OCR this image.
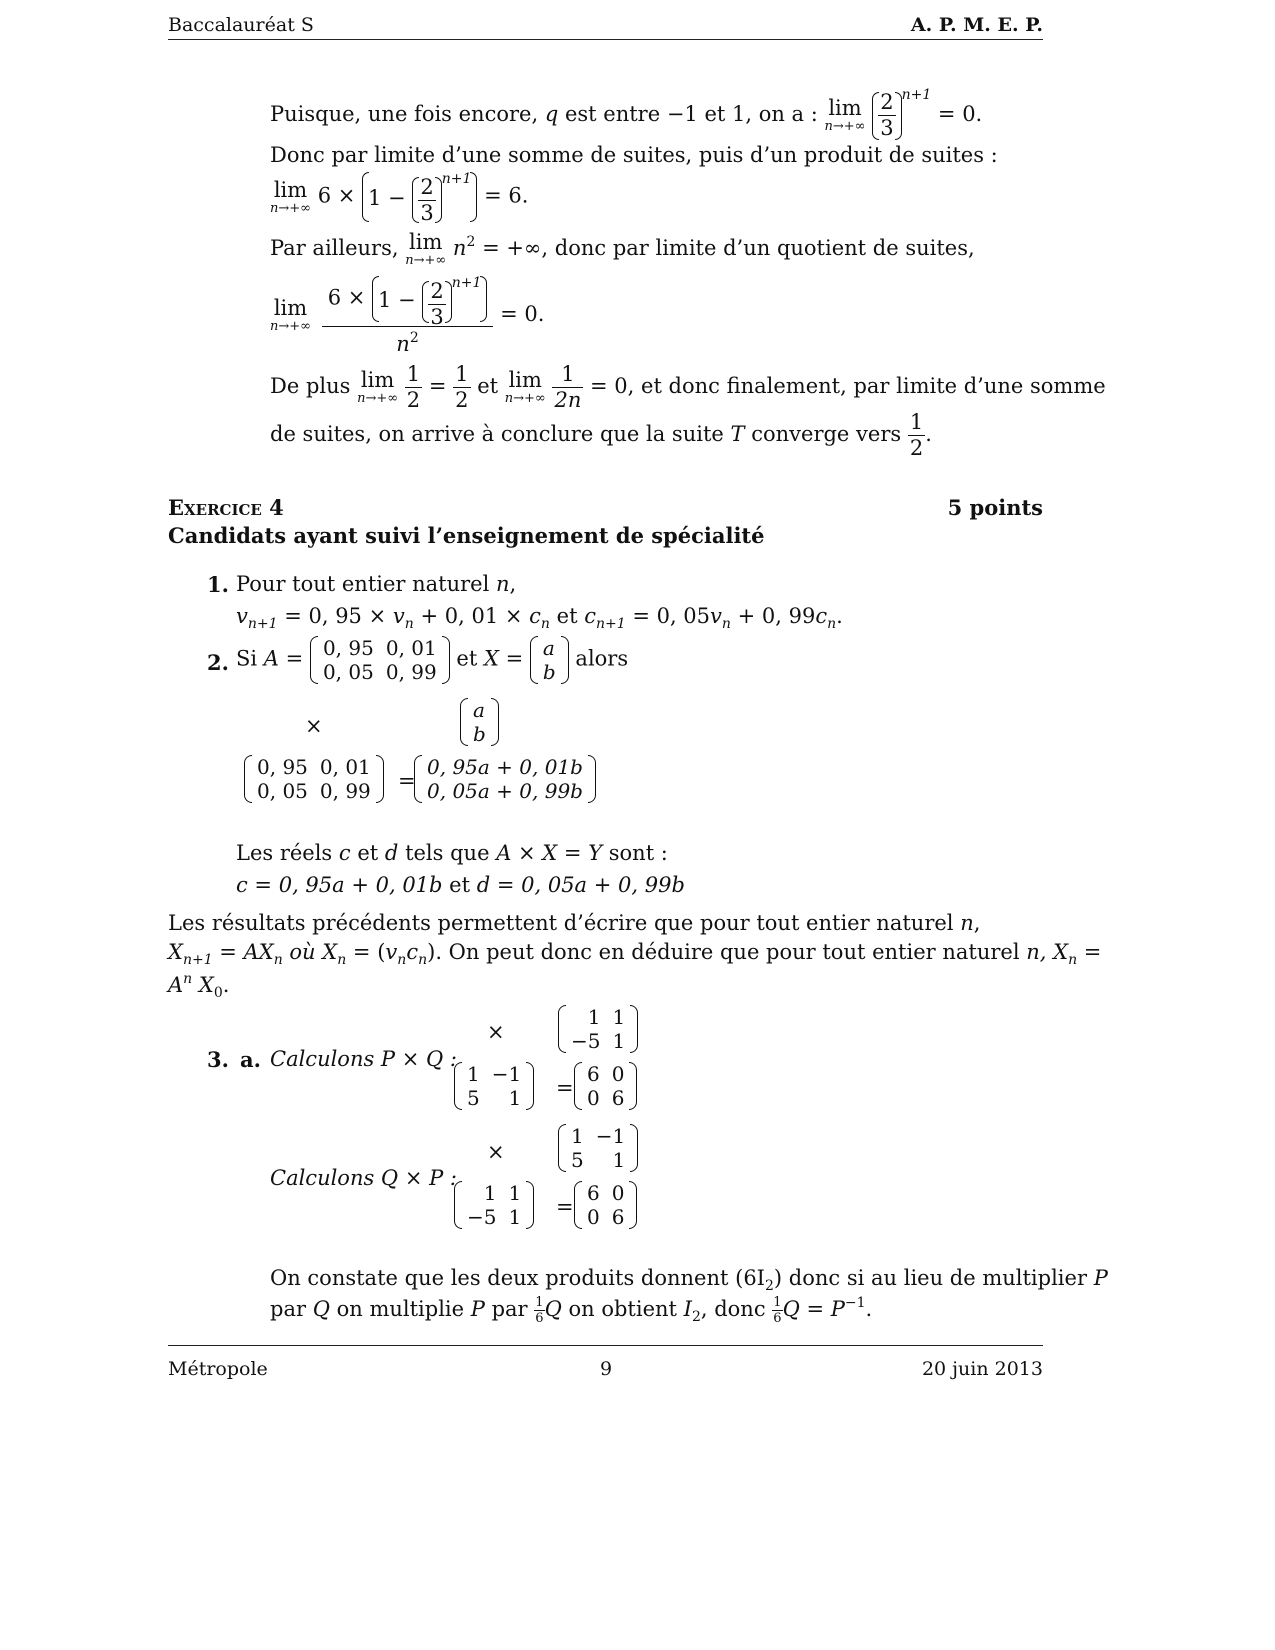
Baccalauréat S	A. P. M. E. P.
Puisque, une fois encore, q est entre −1 et 1, on a : lim
n→+∞
$\frac{2}{3} ^{n+1} = 0$.
Donc par limite d’une somme de suites, puis d’un produit de suites :
lim
n→+∞
$6 \times 1 - \frac{2}{3} ^{n+1} = 6$.
Par ailleurs, lim
n→+∞
$n^2$ = +∞, donc par limite d’un quotient de suites,
lim
n→+∞
$\frac{6 \times 1 - \frac{2}{3} ^{n+1}}{n^2} = 0$.
De plus lim
n→+∞
$\frac{1}{2} = \frac{1}{2}$ et lim
n→+∞
$\frac{1}{2n} = 0$, et donc finalement, par limite d’une somme
de suites, on arrive à conclure que la suite T converge vers $\frac{1}{2}$ .
Exercice 4	5 points
Candidats ayant suivi l’enseignement de spécialité
1. Pour tout entier naturel n,
$v_{n+1} = 0$, $95 \times v_n + 0$, $01 \times c_n$ et $c_{n+1} = 0$, $05v_n + 0$, $99c_n$.
2. Si A = 0, 95	0, 01
0, 05	0, 99
et X = a
b
alors
×
a
b
0, 95	0, 01
0, 05	0, 99 =
0, 95a + 0, 01b
0, 05a + 0, 99b
Les réels c et d tels que A × X = Y sont :
c = 0, 95a + 0, 01b et d = 0, 05a + 0, 99b
Les résultats précédents permettent d’écrire que pour tout entier naturel n,
$X_{n+1} = AX_n$ où $X_n = (v_nc_n)$. On peut donc en déduire que pour tout entier naturel n, $X_n$ =
$A^n$ $X_0$.
3. a. Calculons P × Q :
×
1	1
−5	1
1	−1
5	1 =
6	0
0	6
Calculons Q × P :
×
1	−1
5	1
1	1
−5	1 =
6	0
0	6
On constate que les deux produits donnent $(6I_2)$ donc si au lieu de multiplier P
par Q on multiplie P par $\frac{1}{6}$ Q on obtient $I_2$, donc $\frac{1}{6}$ $Q = P^{-1}$.
Métropole	9	20 juin 2013
